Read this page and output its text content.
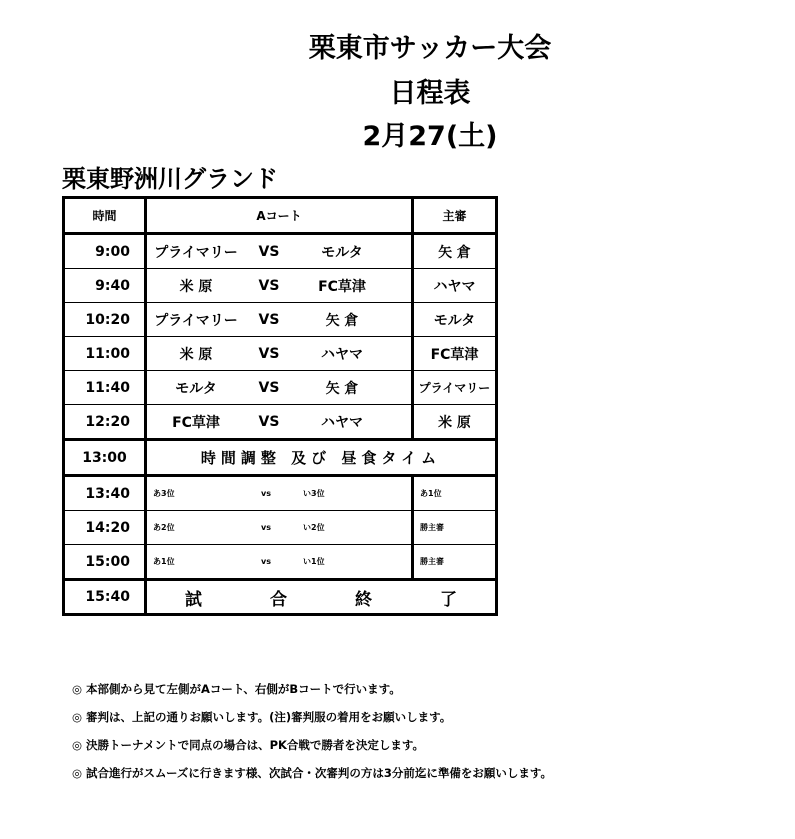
栗東市サッカー大会
日程表
2月27(土)
栗東野洲川グランド
時間	Aコート	主審
9:00	プライマリー VS モルタ	矢 倉
9:40	米 原 VS FC草津	ハヤマ
10:20	プライマリー VS 矢 倉	モルタ
11:00	米 原 VS ハヤマ	FC草津
11:40	モルタ VS 矢 倉	プライマリー
12:20	FC草津 VS ハヤマ	米 原
13:00	時間調整 及び 昼食タイム	
13:40	あ3位 vs い3位	あ1位
14:20	あ2位 vs い2位	勝主審
15:00	あ1位 vs い1位	勝主審
15:40	試 合 終 了	
◎ 本部側から見て左側がAコート、右側がBコートで行います。
◎ 審判は、上記の通りお願いします。(注)審判服の着用をお願いします。
◎ 決勝トーナメントで同点の場合は、PK合戦で勝者を決定します。
◎ 試合進行がスムーズに行きます様、次試合・次審判の方は3分前迄に準備をお願いします。
